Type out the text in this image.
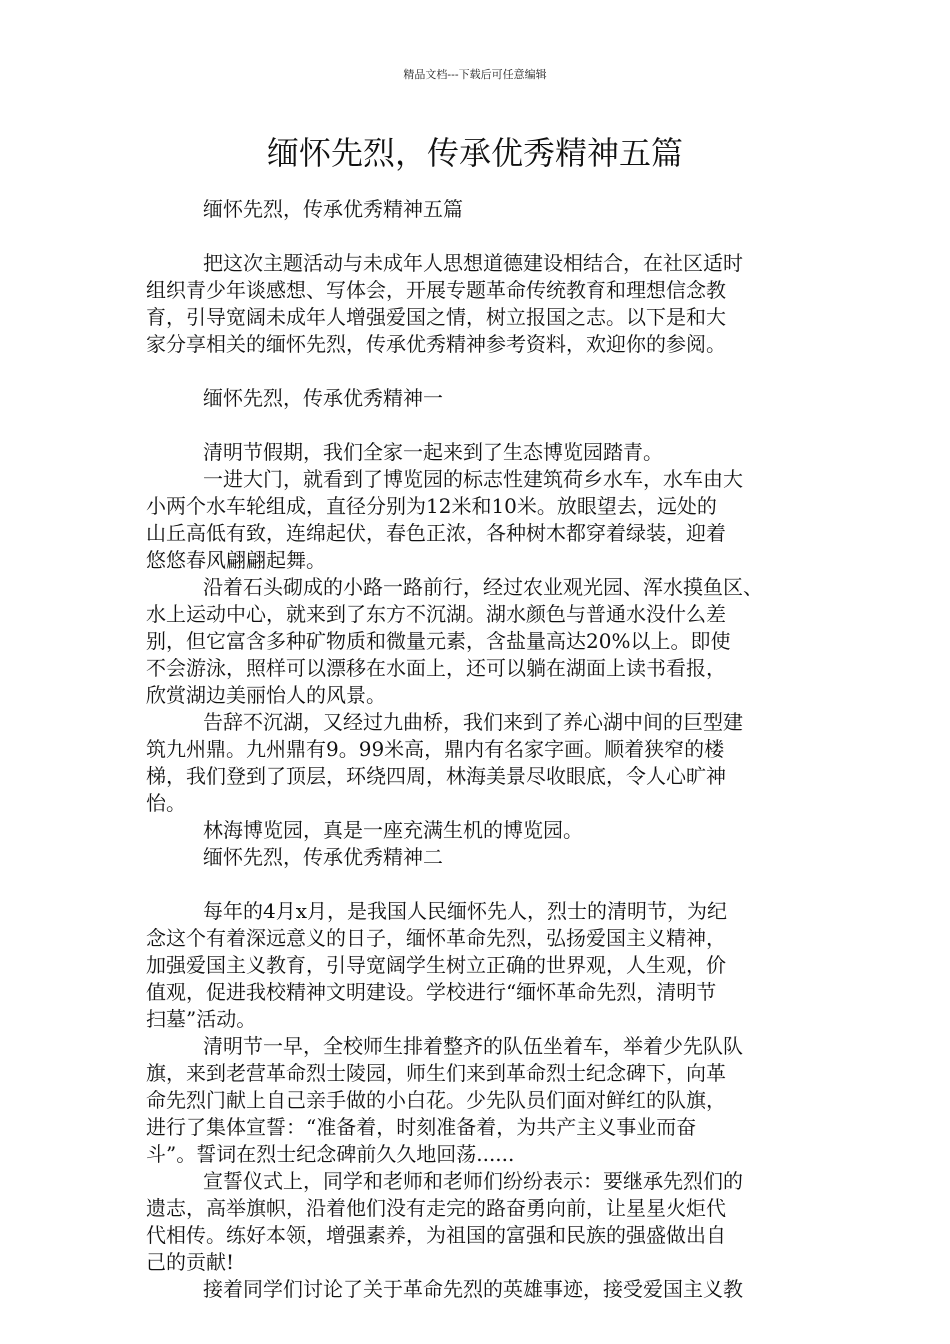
精品文档---下载后可任意编辑
缅怀先烈，传承优秀精神五篇
缅怀先烈，传承优秀精神五篇
把这次主题活动与未成年人思想道德建设相结合，在社区适时
组织青少年谈感想、写体会，开展专题革命传统教育和理想信念教
育，引导宽阔未成年人增强爱国之情，树立报国之志。以下是和大
家分享相关的缅怀先烈，传承优秀精神参考资料，欢迎你的参阅。
缅怀先烈，传承优秀精神一
清明节假期，我们全家一起来到了生态博览园踏青。
一进大门，就看到了博览园的标志性建筑荷乡水车，水车由大
小两个水车轮组成，直径分别为12米和10米。放眼望去，远处的
山丘高低有致，连绵起伏，春色正浓，各种树木都穿着绿装，迎着
悠悠春风翩翩起舞。
沿着石头砌成的小路一路前行，经过农业观光园、浑水摸鱼区、
水上运动中心，就来到了东方不沉湖。湖水颜色与普通水没什么差
别，但它富含多种矿物质和微量元素，含盐量高达20%以上。即使
不会游泳，照样可以漂移在水面上，还可以躺在湖面上读书看报，
欣赏湖边美丽怡人的风景。
告辞不沉湖，又经过九曲桥，我们来到了养心湖中间的巨型建
筑九州鼎。九州鼎有9。99米高，鼎内有名家字画。顺着狭窄的楼
梯，我们登到了顶层，环绕四周，林海美景尽收眼底，令人心旷神
怡。
林海博览园，真是一座充满生机的博览园。
缅怀先烈，传承优秀精神二
每年的4月x月，是我国人民缅怀先人，烈士的清明节，为纪
念这个有着深远意义的日子，缅怀革命先烈，弘扬爱国主义精神，
加强爱国主义教育，引导宽阔学生树立正确的世界观，人生观，价
值观，促进我校精神文明建设。学校进行“缅怀革命先烈，清明节
扫墓”活动。
清明节一早，全校师生排着整齐的队伍坐着车，举着少先队队
旗，来到老营革命烈士陵园，师生们来到革命烈士纪念碑下，向革
命先烈门献上自己亲手做的小白花。少先队员们面对鲜红的队旗，
进行了集体宣誓：“准备着，时刻准备着，为共产主义事业而奋
斗”。誓词在烈士纪念碑前久久地回荡......
宣誓仪式上，同学和老师和老师们纷纷表示：要继承先烈们的
遗志，高举旗帜，沿着他们没有走完的路奋勇向前，让星星火炬代
代相传。练好本领，增强素养，为祖国的富强和民族的强盛做出自
己的贡献!
接着同学们讨论了关于革命先烈的英雄事迹，接受爱国主义教
